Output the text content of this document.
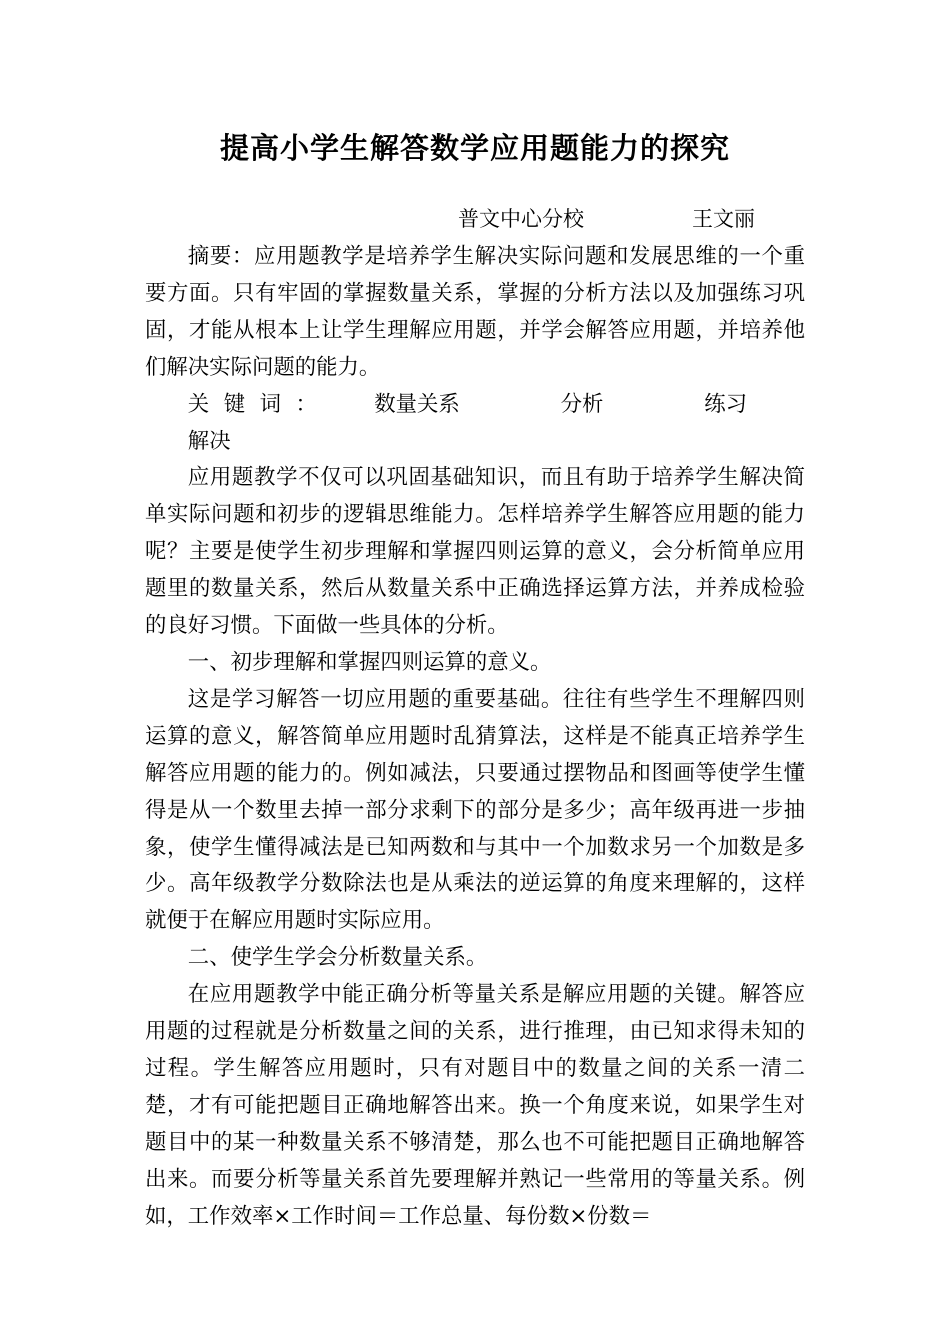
提高小学生解答数学应用题能力的探究
普文中心分校	王文丽

摘要：应用题教学是培养学生解决实际问题和发展思维的一个重要方面。只有牢固的掌握数量关系，掌握的分析方法以及加强练习巩固，才能从根本上让学生理解应用题，并学会解答应用题，并培养他们解决实际问题的能力。

关键词： 数量关系	分析	练习解决

应用题教学不仅可以巩固基础知识，而且有助于培养学生解决简单实际问题和初步的逻辑思维能力。怎样培养学生解答应用题的能力呢？主要是使学生初步理解和掌握四则运算的意义，会分析简单应用题里的数量关系，然后从数量关系中正确选择运算方法，并养成检验的良好习惯。下面做一些具体的分析。

一、初步理解和掌握四则运算的意义。

这是学习解答一切应用题的重要基础。往往有些学生不理解四则运算的意义，解答简单应用题时乱猜算法，这样是不能真正培养学生解答应用题的能力的。例如减法，只要通过摆物品和图画等使学生懂得是从一个数里去掉一部分求剩下的部分是多少；高年级再进一步抽象，使学生懂得减法是已知两数和与其中一个加数求另一个加数是多少。高年级教学分数除法也是从乘法的逆运算的角度来理解的，这样就便于在解应用题时实际应用。

二、使学生学会分析数量关系。

在应用题教学中能正确分析等量关系是解应用题的关键。解答应用题的过程就是分析数量之间的关系，进行推理，由已知求得未知的过程。学生解答应用题时，只有对题目中的数量之间的关系一清二楚，才有可能把题目正确地解答出来。换一个角度来说，如果学生对题目中的某一种数量关系不够清楚，那么也不可能把题目正确地解答出来。而要分析等量关系首先要理解并熟记一些常用的等量关系。例如，工作效率×工作时间＝工作总量、每份数×份数＝
